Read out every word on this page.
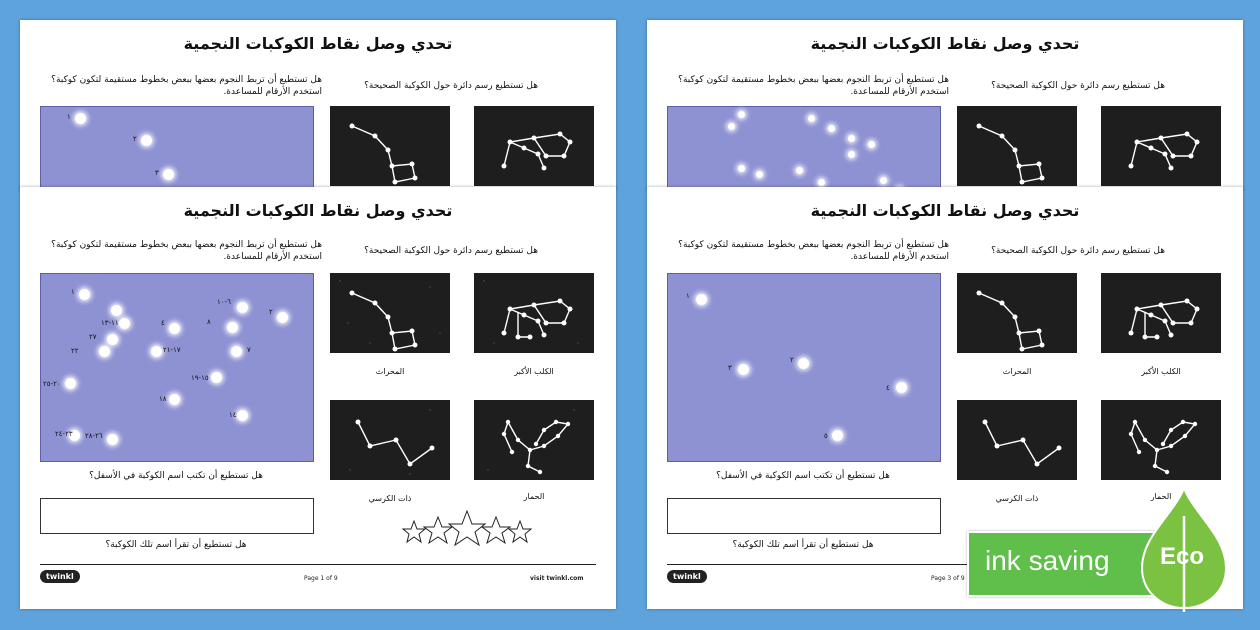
تحدي وصل نقاط الكوكبات النجمية
هل تستطيع أن تربط النجوم بعضها ببعض بخطوط مستقيمة لتكون كوكبة؟ استخدم الأرقام للمساعدة.
هل تستطيع رسم دائرة حول الكوكبة الصحيحة؟
١
٢
٣
تحدي وصل نقاط الكوكبات النجمية
هل تستطيع أن تربط النجوم بعضها ببعض بخطوط مستقيمة لتكون كوكبة؟ استخدم الأرقام للمساعدة.
هل تستطيع رسم دائرة حول الكوكبة الصحيحة؟
تحدي وصل نقاط الكوكبات النجمية
هل تستطيع أن تربط النجوم بعضها ببعض بخطوط مستقيمة لتكون كوكبة؟ استخدم الأرقام للمساعدة.
هل تستطيع رسم دائرة حول الكوكبة الصحيحة؟
١
٢
٤
٦-١٠
١١-١٣
٢٧
٢٢
٨
١٧-٢١	٧
١٥-١٩
٢٠-٢٥
١٨
١٤
٢٣-٢٤ ٢٦-٢٨
المحراث	الكلب الأكبر
ذات الكرسي	الحمار
هل تستطيع أن تكتب اسم الكوكبة في الأسفل؟
هل تستطيع أن تقرأ اسم تلك الكوكبة؟
twinkl	Page 1 of 9	visit twinkl.com
تحدي وصل نقاط الكوكبات النجمية
هل تستطيع أن تربط النجوم بعضها ببعض بخطوط مستقيمة لتكون كوكبة؟ استخدم الأرقام للمساعدة.
هل تستطيع رسم دائرة حول الكوكبة الصحيحة؟
١
٢
٣
٤
٥
المحراث	الكلب الأكبر
ذات الكرسي	الحمار
هل تستطيع أن تكتب اسم الكوكبة في الأسفل؟
هل تستطيع أن تقرأ اسم تلك الكوكبة؟
twinkl	Page 3 of 9
ink saving Eco
